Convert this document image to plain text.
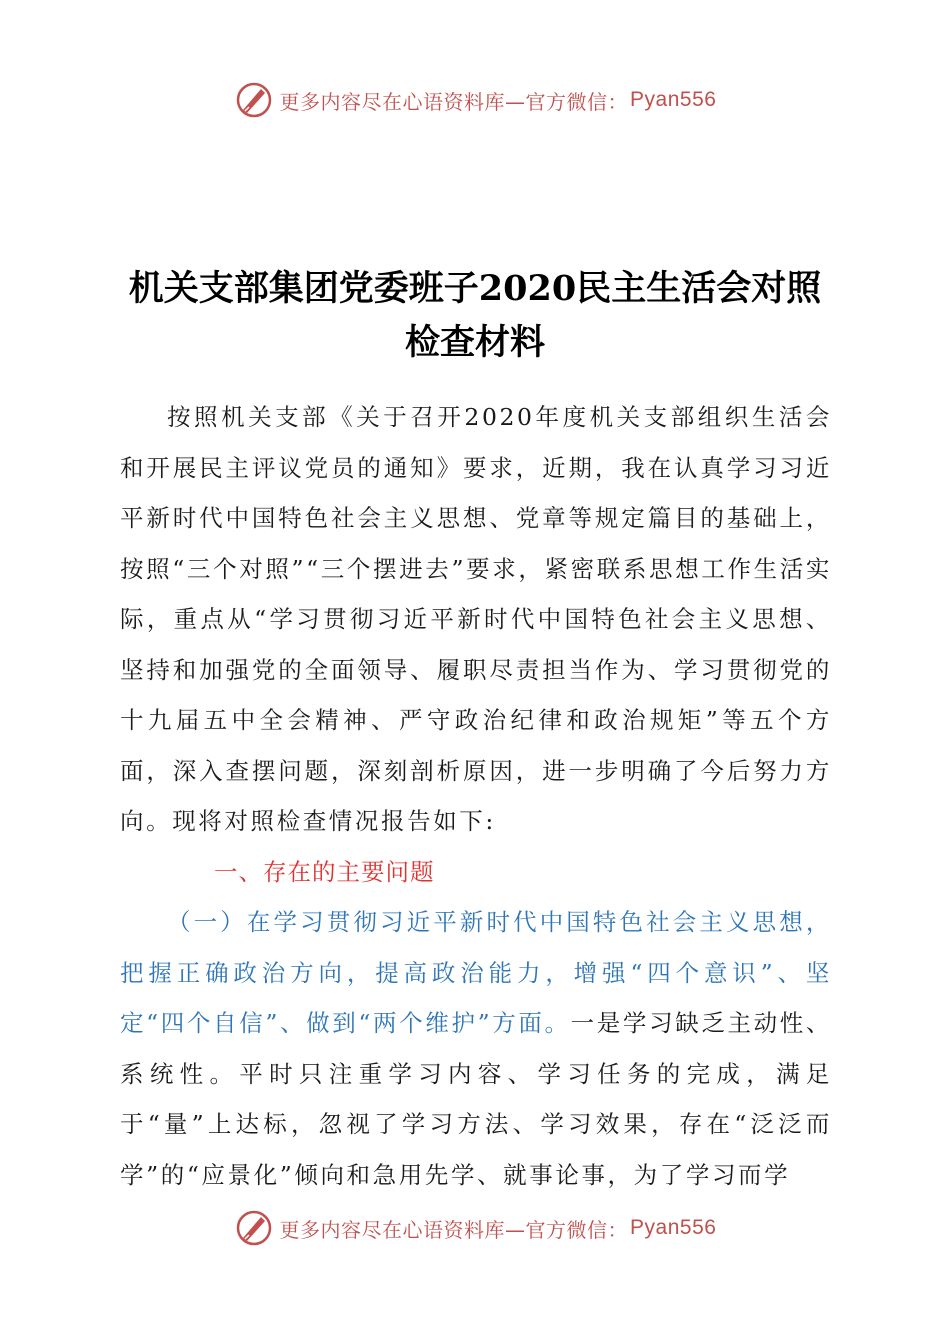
更多内容尽在心语资料库—官方微信： Pyan556
机关支部集团党委班子2020民主生活会对照
检查材料

按照机关支部《关于召开2020年度机关支部组织生活会和开展民主评议党员的通知》要求，近期，我在认真学习习近平新时代中国特色社会主义思想、党章等规定篇目的基础上，按照“三个对照”“三个摆进去”要求，紧密联系思想工作生活实际，重点从“学习贯彻习近平新时代中国特色社会主义思想、坚持和加强党的全面领导、履职尽责担当作为、学习贯彻党的十九届五中全会精神、严守政治纪律和政治规矩”等五个方面，深入查摆问题，深刻剖析原因，进一步明确了今后努力方向。现将对照检查情况报告如下:

一、存在的主要问题

（一）在学习贯彻习近平新时代中国特色社会主义思想，把握正确政治方向，提高政治能力，增强“四个意识”、坚定“四个自信”、做到“两个维护”方面。一是学习缺乏主动性、系统性。平时只注重学习内容、学习任务的完成，满足于“量”上达标，忽视了学习方法、学习效果，存在“泛泛而学”的“应景化”倾向和急用先学、就事论事，为了学习而学

更多内容尽在心语资料库—官方微信： Pyan556
